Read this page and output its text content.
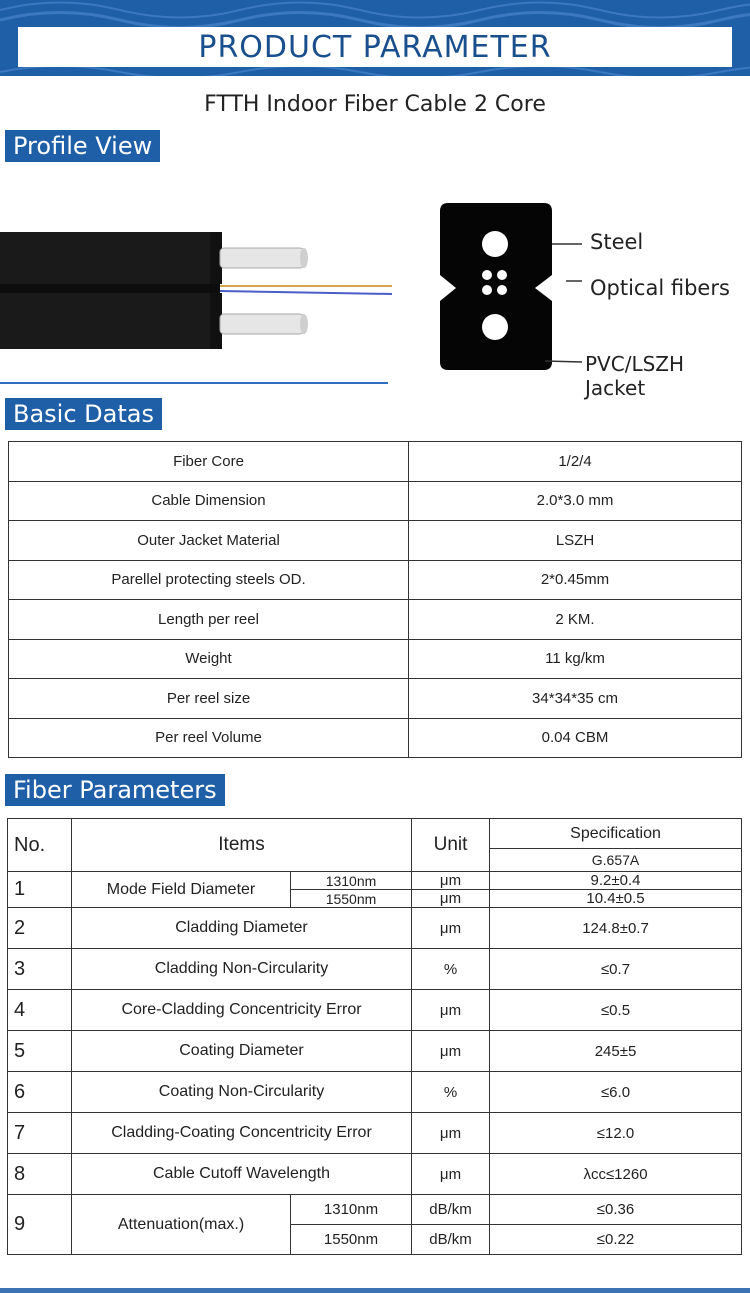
PRODUCT PARAMETER
FTTH Indoor Fiber Cable 2 Core
Profile View
Steel
Optical fibers
PVC/LSZH Jacket
Basic Datas
Fiber Core	1/2/4
Cable Dimension	2.0*3.0 mm
Outer Jacket Material	LSZH
Parellel protecting steels OD.	2*0.45mm
Length per reel	2 KM.
Weight	11 kg/km
Per reel size	34*34*35 cm
Per reel Volume	0.04 CBM
Fiber Parameters
No.	Items		Unit	Specification
				G.657A
1	Mode Field Diameter	1310nm	μm	9.2±0.4
		1550nm	μm	10.4±0.5
2	Cladding Diameter		μm	124.8±0.7
3	Cladding Non-Circularity		%	≤0.7
4	Core-Cladding Concentricity Error		μm	≤0.5
5	Coating Diameter		μm	245±5
6	Coating Non-Circularity		%	≤6.0
7	Cladding-Coating Concentricity Error		μm	≤12.0
8	Cable Cutoff Wavelength		μm	λcc≤1260
9	Attenuation(max.)	1310nm	dB/km	≤0.36
		1550nm	dB/km	≤0.22
